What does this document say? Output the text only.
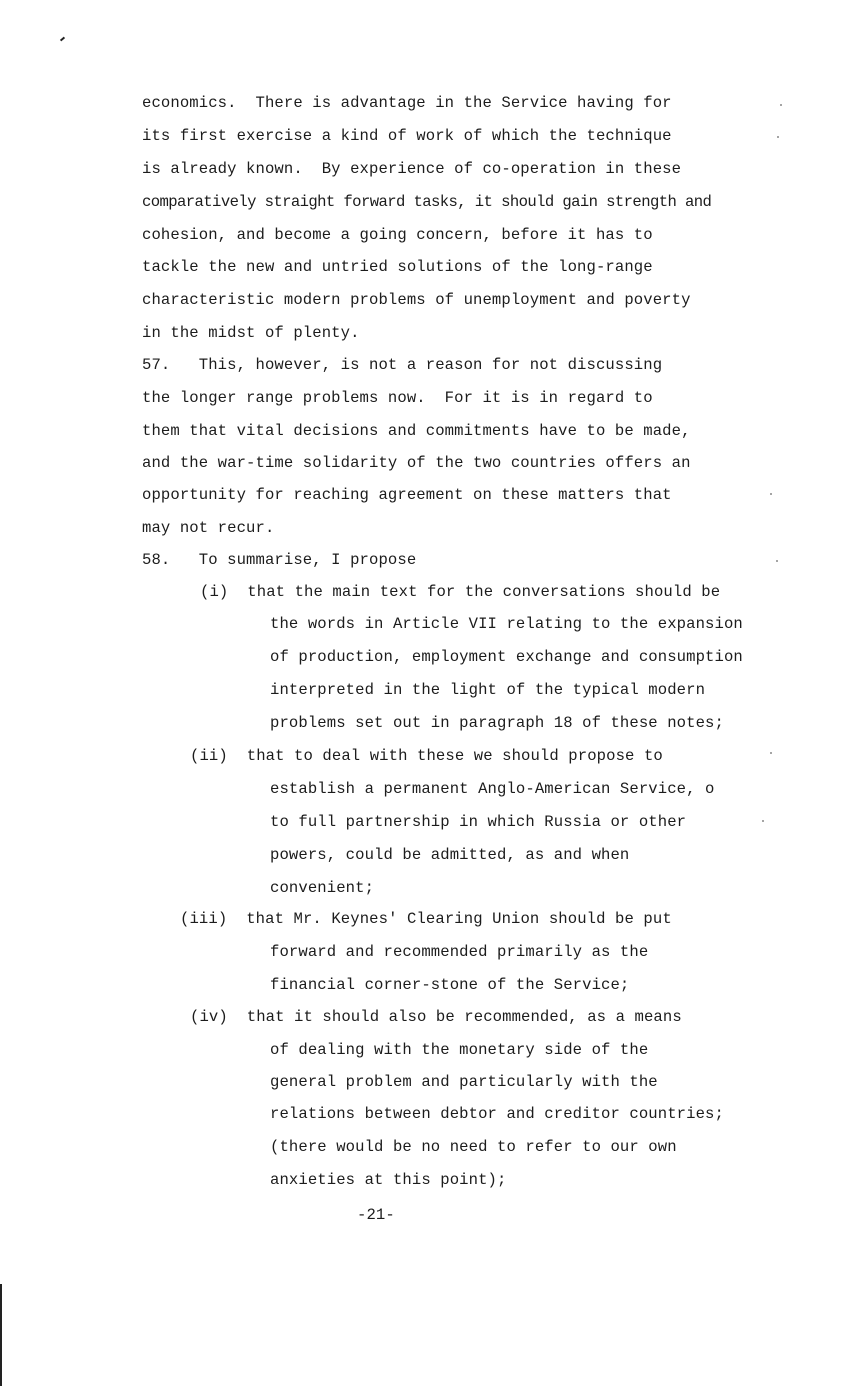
economics.  There is advantage in the Service having for
its first exercise a kind of work of which the technique
is already known.  By experience of co-operation in these
comparatively straight forward tasks, it should gain strength and
cohesion, and become a going concern, before it has to
tackle the new and untried solutions of the long-range
characteristic modern problems of unemployment and poverty
in the midst of plenty.
57.   This, however, is not a reason for not discussing
the longer range problems now.  For it is in regard to
them that vital decisions and commitments have to be made,
and the war-time solidarity of the two countries offers an
opportunity for reaching agreement on these matters that
may not recur.
58.   To summarise, I propose
(i)  that the main text for the conversations should be
the words in Article VII relating to the expansion
of production, employment exchange and consumption
interpreted in the light of the typical modern
problems set out in paragraph 18 of these notes;
(ii)  that to deal with these we should propose to
establish a permanent Anglo-American Service, o
to full partnership in which Russia or other
powers, could be admitted, as and when
convenient;
(iii)  that Mr. Keynes' Clearing Union should be put
forward and recommended primarily as the
financial corner-stone of the Service;
(iv)  that it should also be recommended, as a means
of dealing with the monetary side of the
general problem and particularly with the
relations between debtor and creditor countries;
(there would be no need to refer to our own
anxieties at this point);
-21-
